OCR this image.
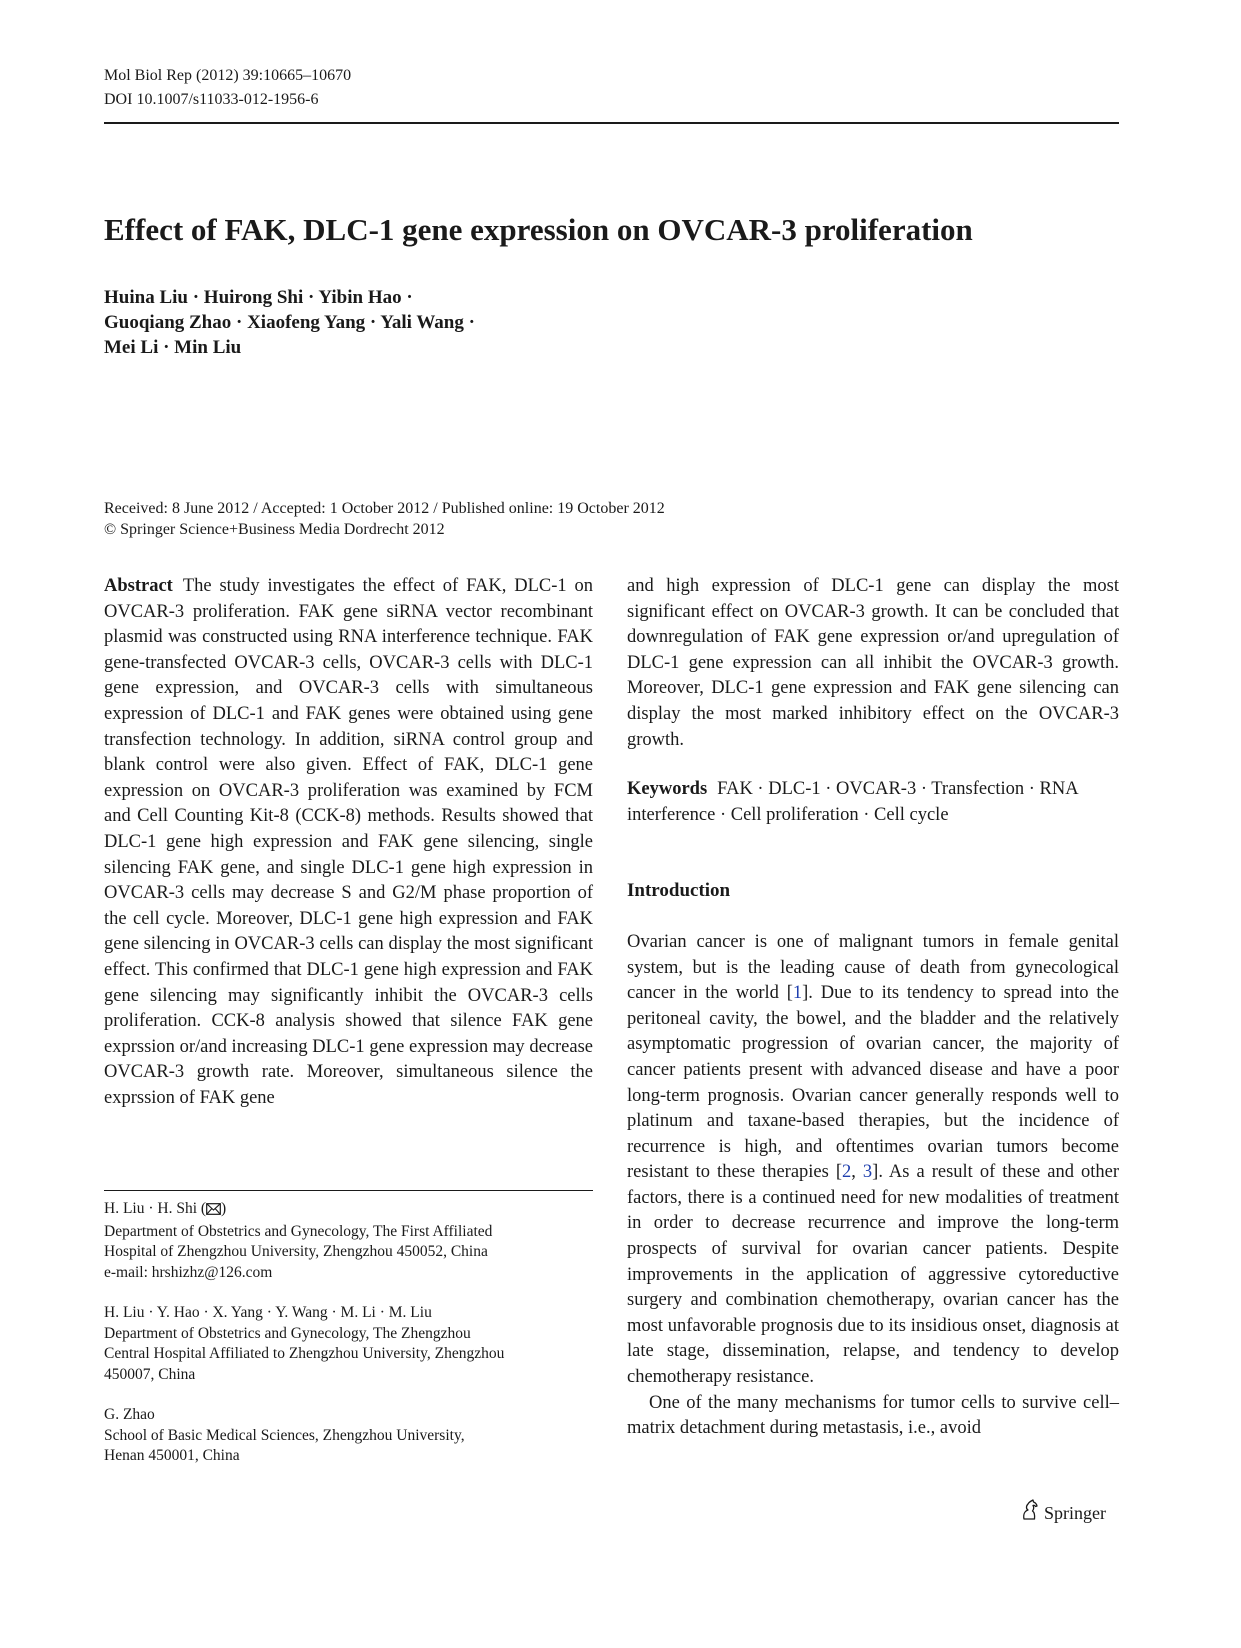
Mol Biol Rep (2012) 39:10665–10670
DOI 10.1007/s11033-012-1956-6
Effect of FAK, DLC-1 gene expression on OVCAR-3 proliferation
Huina Liu · Huirong Shi · Yibin Hao ·
Guoqiang Zhao · Xiaofeng Yang · Yali Wang ·
Mei Li · Min Liu
Received: 8 June 2012 / Accepted: 1 October 2012 / Published online: 19 October 2012
© Springer Science+Business Media Dordrecht 2012

Abstract The study investigates the effect of FAK, DLC-1 on OVCAR-3 proliferation. FAK gene siRNA vector recombinant plasmid was constructed using RNA interference technique. FAK gene-transfected OVCAR-3 cells, OVCAR-3 cells with DLC-1 gene expression, and OVCAR-3 cells with simultaneous expression of DLC-1 and FAK genes were obtained using gene transfection technology. In addition, siRNA control group and blank control were also given. Effect of FAK, DLC-1 gene expression on OVCAR-3 proliferation was examined by FCM and Cell Counting Kit-8 (CCK-8) methods. Results showed that DLC-1 gene high expression and FAK gene silencing, single silencing FAK gene, and single DLC-1 gene high expression in OVCAR-3 cells may decrease S and G2/M phase proportion of the cell cycle. Moreover, DLC-1 gene high expression and FAK gene silencing in OVCAR-3 cells can display the most significant effect. This confirmed that DLC-1 gene high expression and FAK gene silencing may significantly inhibit the OVCAR-3 cells proliferation. CCK-8 analysis showed that silence FAK gene exprssion or/and increasing DLC-1 gene expression may decrease OVCAR-3 growth rate. Moreover, simultaneous silence the exprssion of FAK gene

and high expression of DLC-1 gene can display the most significant effect on OVCAR-3 growth. It can be concluded that downregulation of FAK gene expression or/and upregulation of DLC-1 gene expression can all inhibit the OVCAR-3 growth. Moreover, DLC-1 gene expression and FAK gene silencing can display the most marked inhibitory effect on the OVCAR-3 growth.

Keywords FAK · DLC-1 · OVCAR-3 · Transfection · RNA interference · Cell proliferation · Cell cycle

Introduction

Ovarian cancer is one of malignant tumors in female genital system, but is the leading cause of death from gynecological cancer in the world [1]. Due to its tendency to spread into the peritoneal cavity, the bowel, and the bladder and the relatively asymptomatic progression of ovarian cancer, the majority of cancer patients present with advanced disease and have a poor long-term prognosis. Ovarian cancer generally responds well to platinum and taxane-based therapies, but the incidence of recurrence is high, and oftentimes ovarian tumors become resistant to these therapies [2, 3]. As a result of these and other factors, there is a continued need for new modalities of treatment in order to decrease recurrence and improve the long-term prospects of survival for ovarian cancer patients. Despite improvements in the application of aggressive cytoreductive surgery and combination chemotherapy, ovarian cancer has the most unfavorable prognosis due to its insidious onset, diagnosis at late stage, dissemination, relapse, and tendency to develop chemotherapy resistance.

One of the many mechanisms for tumor cells to survive cell–matrix detachment during metastasis, i.e., avoid

H. Liu · H. Shi ( )
Department of Obstetrics and Gynecology, The First Affiliated
Hospital of Zhengzhou University, Zhengzhou 450052, China
e-mail: hrshizhz@126.com
H. Liu · Y. Hao · X. Yang · Y. Wang · M. Li · M. Liu
Department of Obstetrics and Gynecology, The Zhengzhou
Central Hospital Affiliated to Zhengzhou University, Zhengzhou
450007, China
G. Zhao
School of Basic Medical Sciences, Zhengzhou University,
Henan 450001, China
Springer
